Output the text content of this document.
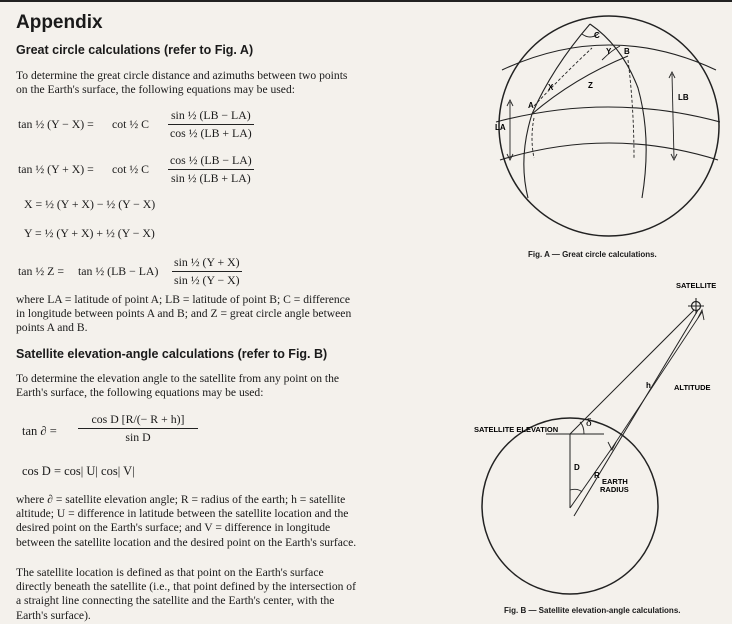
Appendix
Great circle calculations (refer to Fig. A)

To determine the great circle distance and azimuths between two points on the Earth's surface, the following equations may be used:

tan ½ (Y − X) = cot ½ C $\frac{\text{sin ½ (LB − LA)}}{\text{cos ½ (LB + LA)}}$
tan ½ (Y + X) = cot ½ C $\frac{\text{cos ½ (LB − LA)}}{\text{sin ½ (LB + LA)}}$
X = ½ (Y + X) − ½ (Y − X)
Y = ½ (Y + X) + ½ (Y − X)
tan ½ Z = tan ½ $(LB - LA) \frac{\text{sin ½ (Y + X)}}{\text{sin ½ (Y − X)}}$

where LA = latitude of point A; LB = latitude of point B; C = difference in longitude between points A and B; and Z = great circle angle between points A and B.

Satellite elevation-angle calculations (refer to Fig. B)

To determine the elevation angle to the satellite from any point on the Earth's surface, the following equations may be used:

tan ∂ = $\frac{\text{cos D [R/(− R + h)]}}{\text{sin D}}$
cos D = cos| U| cos| V|

where ∂ = satellite elevation angle; R = radius of the earth; h = satellite altitude; U = difference in latitude between the satellite location and the desired point on the Earth's surface; and V = difference in longitude between the satellite location and the desired point on the Earth's surface.

The satellite location is defined as that point on the Earth's surface directly beneath the satellite (i.e., that point defined by the intersection of a straight line connecting the satellite and the Earth's center, with the Earth's surface).

C
Y B
X	Z
A
LA
LB
Fig. A — Great circle calculations.
SATELLITE
ALTITUDE
SATELLITE ELEVATION
δ
h
D
R
EARTH
RADIUS
Fig. B — Satellite elevation-angle calculations.
